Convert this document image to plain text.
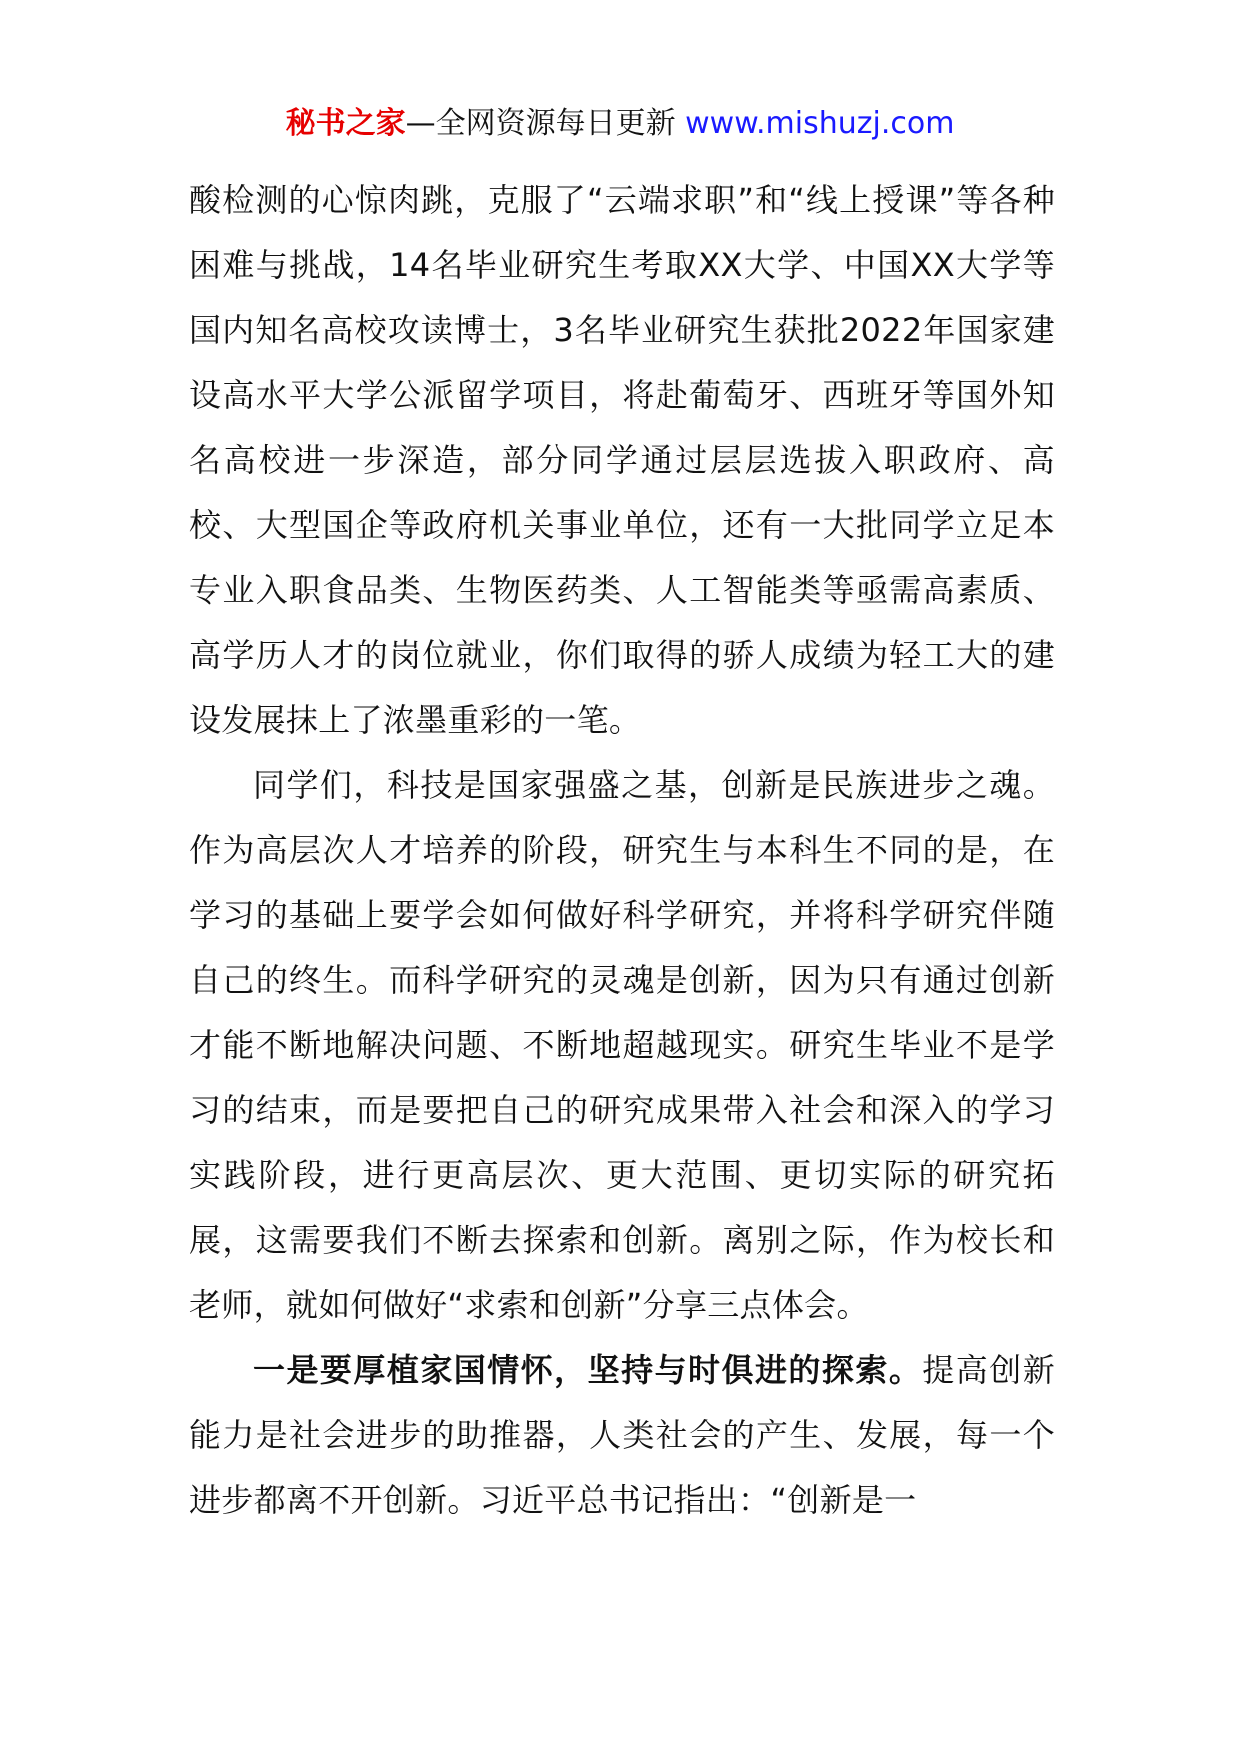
秘书之家—全网资源每日更新 www.mishuzj.com

酸检测的心惊肉跳，克服了“云端求职”和“线上授课”等各种困难与挑战，14名毕业研究生考取XX大学、中国XX大学等国内知名高校攻读博士，3名毕业研究生获批2022年国家建设高水平大学公派留学项目，将赴葡萄牙、西班牙等国外知名高校进一步深造，部分同学通过层层选拔入职政府、高校、大型国企等政府机关事业单位，还有一大批同学立足本专业入职食品类、生物医药类、人工智能类等亟需高素质、高学历人才的岗位就业，你们取得的骄人成绩为轻工大的建设发展抹上了浓墨重彩的一笔。

同学们，科技是国家强盛之基，创新是民族进步之魂。作为高层次人才培养的阶段，研究生与本科生不同的是，在学习的基础上要学会如何做好科学研究，并将科学研究伴随自己的终生。而科学研究的灵魂是创新，因为只有通过创新才能不断地解决问题、不断地超越现实。研究生毕业不是学习的结束，而是要把自己的研究成果带入社会和深入的学习实践阶段，进行更高层次、更大范围、更切实际的研究拓展，这需要我们不断去探索和创新。离别之际，作为校长和老师，就如何做好“求索和创新”分享三点体会。

一是要厚植家国情怀，坚持与时俱进的探索。提高创新能力是社会进步的助推器，人类社会的产生、发展，每一个进步都离不开创新。习近平总书记指出：“创新是一
